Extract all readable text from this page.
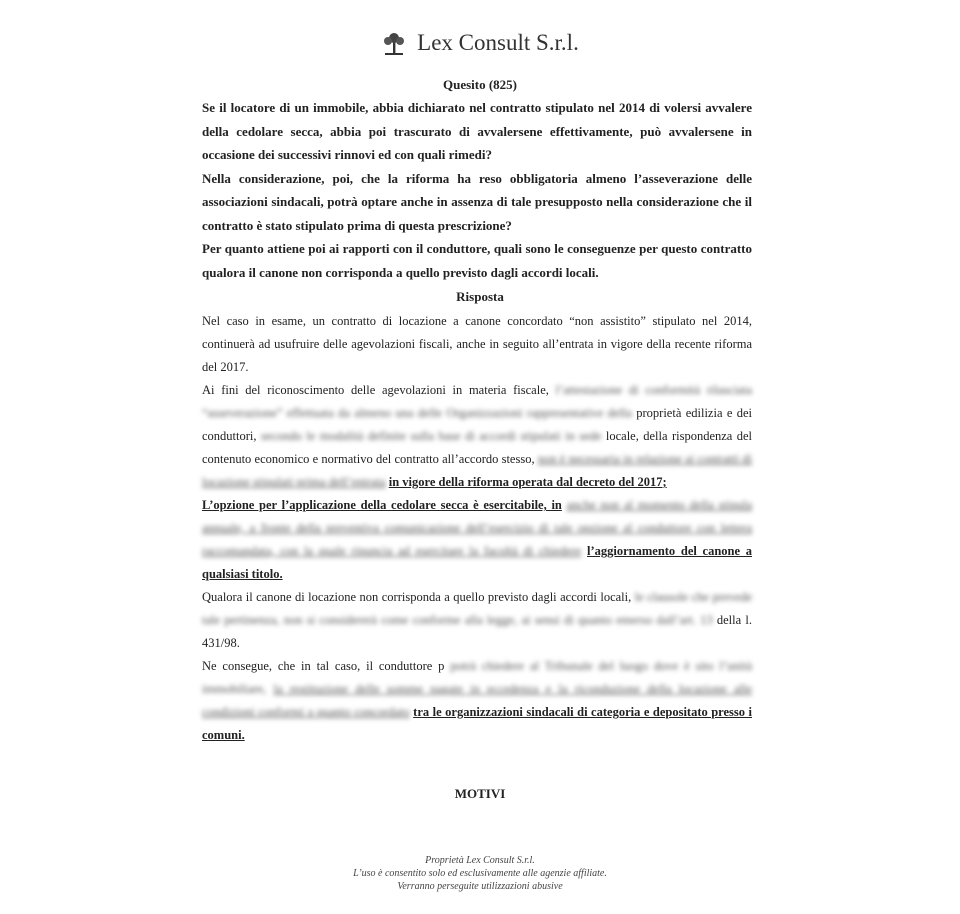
Lex Consult S.r.l.
Quesito (825)
Se il locatore di un immobile, abbia dichiarato nel contratto stipulato nel 2014 di volersi avvalere della cedolare secca, abbia poi trascurato di avvalersene effettivamente, può avvalersene in occasione dei successivi rinnovi ed con quali rimedi?
Nella considerazione, poi, che la riforma ha reso obbligatoria almeno l’asseverazione delle associazioni sindacali, potrà optare anche in assenza di tale presupposto nella considerazione che il contratto è stato stipulato prima di questa prescrizione?
Per quanto attiene poi ai rapporti con il conduttore, quali sono le conseguenze per questo contratto qualora il canone non corrisponda a quello previsto dagli accordi locali.
Risposta

Nel caso in esame, un contratto di locazione a canone concordato “non assistito” stipulato nel 2014, continuerà ad usufruire delle agevolazioni fiscali, anche in seguito all’entrata in vigore della recente riforma del 2017.

Ai fini del riconoscimento delle agevolazioni in materia fiscale, l’attestazione di conformità rilasciata “asseverazione” effettuata da almeno una delle Organizzazioni rappresentative della proprietà edilizia e dei conduttori, secondo le modalità definite sulla base di accordi stipulati in sede locale, della rispondenza del contenuto economico e normativo del contratto all’accordo stesso, non è necessaria in relazione ai contratti di locazione stipulati prima dell’entrata in vigore della riforma operata dal decreto del 2017;

L’opzione per l’applicazione della cedolare secca è esercitabile, in anche non al momento della stipula annuale, a fronte della preventiva comunicazione dell’esercizio di tale opzione al conduttore con lettera raccomandata, con la quale rinuncia ad esercitare la facoltà di chiedere l’aggiornamento del canone a qualsiasi titolo.

Qualora il canone di locazione non corrisponda a quello previsto dagli accordi locali, le clausole che prevede tale pertinenza, non si considererà come conforme alla legge, ai sensi di quanto emerso dall’art. 13 della l. 431/98.

Ne consegue, che in tal caso, il conduttore p potrà chiedere al Tribunale del luogo dove è sito l’unità immobiliare, la restituzione delle somme pagate in eccedenza e la riconduzione della locazione alle condizioni conformi a quanto concordato tra le organizzazioni sindacali di categoria e depositato presso i comuni.

MOTIVI
Proprietà Lex Consult S.r.l.
L’uso è consentito solo ed esclusivamente alle agenzie affiliate.
Verranno perseguite utilizzazioni abusive
